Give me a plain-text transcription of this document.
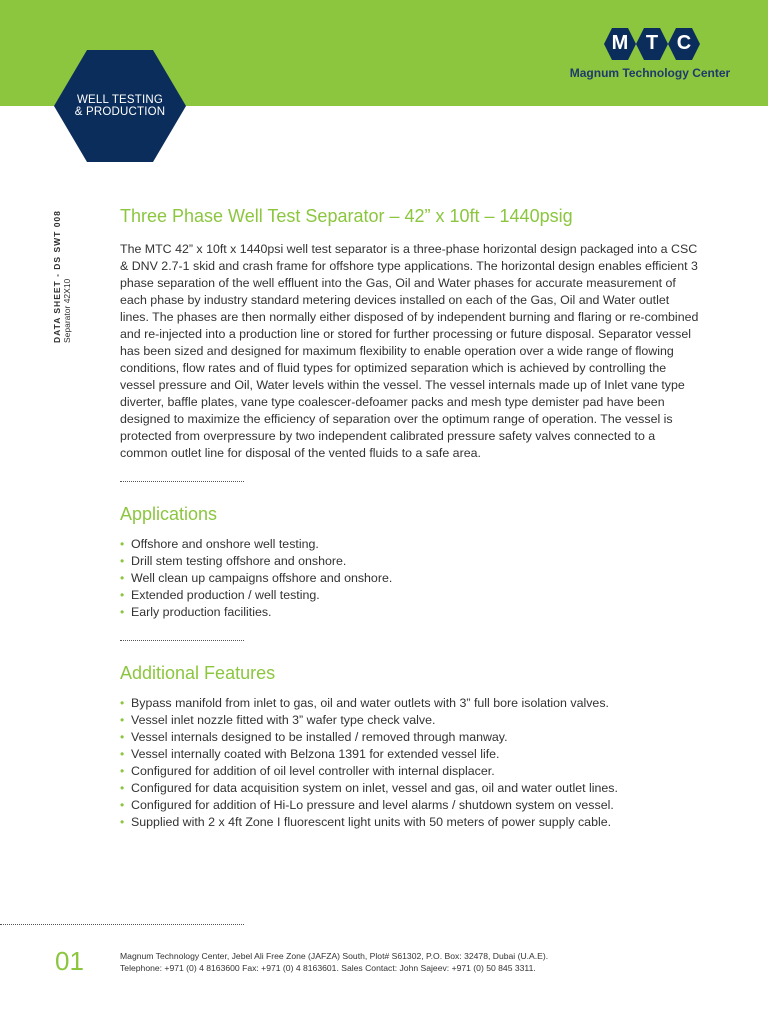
WELL TESTING
& PRODUCTION
M T C
Magnum Technology Center
DATA SHEET - DS SWT 008 Separator 42X10
Three Phase Well Test Separator – 42” x 10ft – 1440psig

The MTC 42” x 10ft x 1440psi well test separator is a three-phase horizontal design packaged into a CSC & DNV 2.7-1 skid and crash frame for offshore type applications. The horizontal design enables efficient 3 phase separation of the well effluent into the Gas, Oil and Water phases for accurate measurement of each phase by industry standard metering devices installed on each of the Gas, Oil and Water outlet lines. The phases are then normally either disposed of by independent burning and flaring or re-combined and re-injected into a production line or stored for further processing or future disposal. Separator vessel has been sized and designed for maximum flexibility to enable operation over a wide range of flowing conditions, flow rates and of fluid types for optimized separation which is achieved by controlling the vessel pressure and Oil, Water levels within the vessel. The vessel internals made up of Inlet vane type diverter, baffle plates, vane type coalescer-defoamer packs and mesh type demister pad have been designed to maximize the efficiency of separation over the optimum range of operation. The vessel is protected from overpressure by two independent calibrated pressure safety valves connected to a common outlet line for disposal of the vented fluids to a safe area.

Applications
• Offshore and onshore well testing.
• Drill stem testing offshore and onshore.
• Well clean up campaigns offshore and onshore.
• Extended production / well testing.
• Early production facilities.
Additional Features
• Bypass manifold from inlet to gas, oil and water outlets with 3” full bore isolation valves.
• Vessel inlet nozzle fitted with 3” wafer type check valve.
• Vessel internals designed to be installed / removed through manway.
• Vessel internally coated with Belzona 1391 for extended vessel life.
• Configured for addition of oil level controller with internal displacer.
• Configured for data acquisition system on inlet, vessel and gas, oil and water outlet lines.
• Configured for addition of Hi-Lo pressure and level alarms / shutdown system on vessel.
• Supplied with 2 x 4ft Zone I fluorescent light units with 50 meters of power supply cable.
01	Magnum Technology Center, Jebel Ali Free Zone (JAFZA) South, Plot# S61302, P.O. Box: 32478, Dubai (U.A.E).
Telephone: +971 (0) 4 8163600 Fax: +971 (0) 4 8163601. Sales Contact: John Sajeev: +971 (0) 50 845 3311.
